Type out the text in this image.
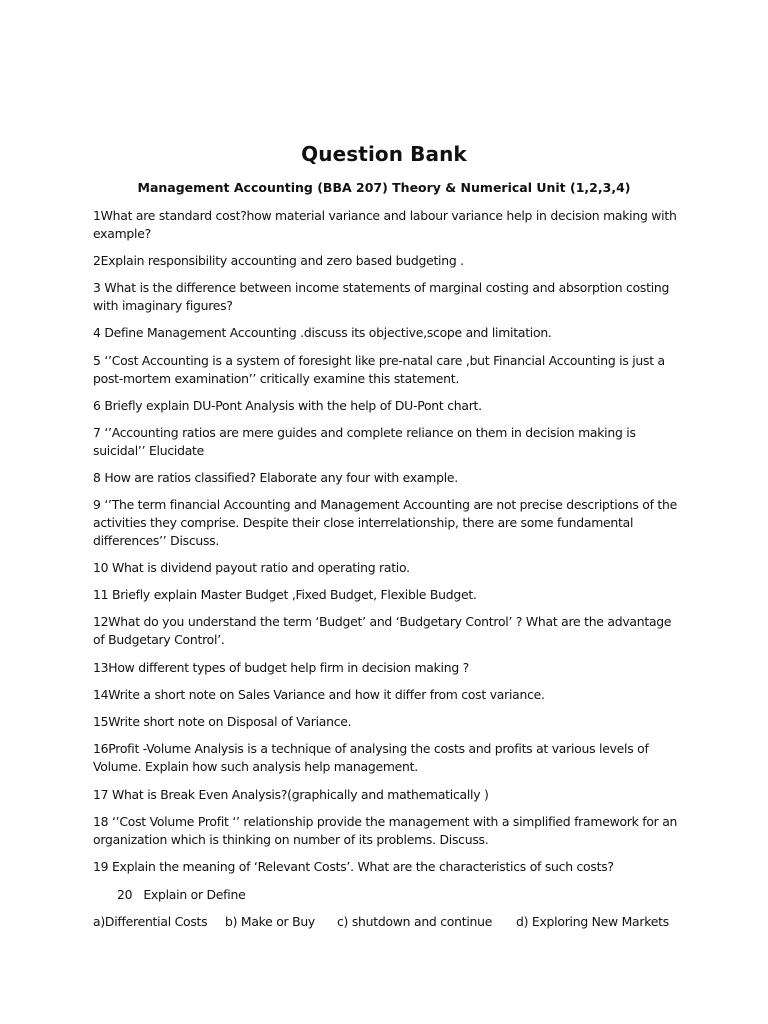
Question Bank
Management Accounting (BBA 207) Theory & Numerical Unit (1,2,3,4)
1What are standard cost?how material variance and labour variance help in decision making with example?
2Explain responsibility accounting and zero based budgeting .
3 What is the difference between income statements of marginal costing and absorption costing with imaginary figures?
4 Define Management Accounting .discuss its objective,scope and limitation.
5 ‘’Cost Accounting is a system of foresight like pre-natal care ,but Financial Accounting is just a post-mortem examination’’ critically examine this statement.
6 Briefly explain DU-Pont Analysis with the help of DU-Pont chart.
7 ‘’Accounting ratios are mere guides and complete reliance on them in decision making is suicidal’’ Elucidate
8 How are ratios classified? Elaborate any four with example.
9 ‘’The term financial Accounting and Management Accounting are not precise descriptions of the activities they comprise. Despite their close interrelationship, there are some fundamental differences’’ Discuss.
10 What is dividend payout ratio and operating ratio.
11 Briefly explain Master Budget ,Fixed Budget, Flexible Budget.
12What do you understand the term ‘Budget’ and ‘Budgetary Control’ ? What are the advantage of Budgetary Control’.
13How different types of budget help firm in decision making ?
14Write a short note on Sales Variance and how it differ from cost variance.
15Write short note on Disposal of Variance.
16Profit -Volume Analysis is a technique of analysing the costs and profits at various levels of Volume. Explain how such analysis help management.
17 What is Break Even Analysis?(graphically and mathematically )
18 ‘’Cost Volume Profit ‘’ relationship provide the management with a simplified framework for an organization which is thinking on number of its problems. Discuss.
19 Explain the meaning of ‘Relevant Costs’. What are the characteristics of such costs?
20   Explain or Define
a)Differential Costs b) Make or Buy c) shutdown and continue d) Exploring New Markets
